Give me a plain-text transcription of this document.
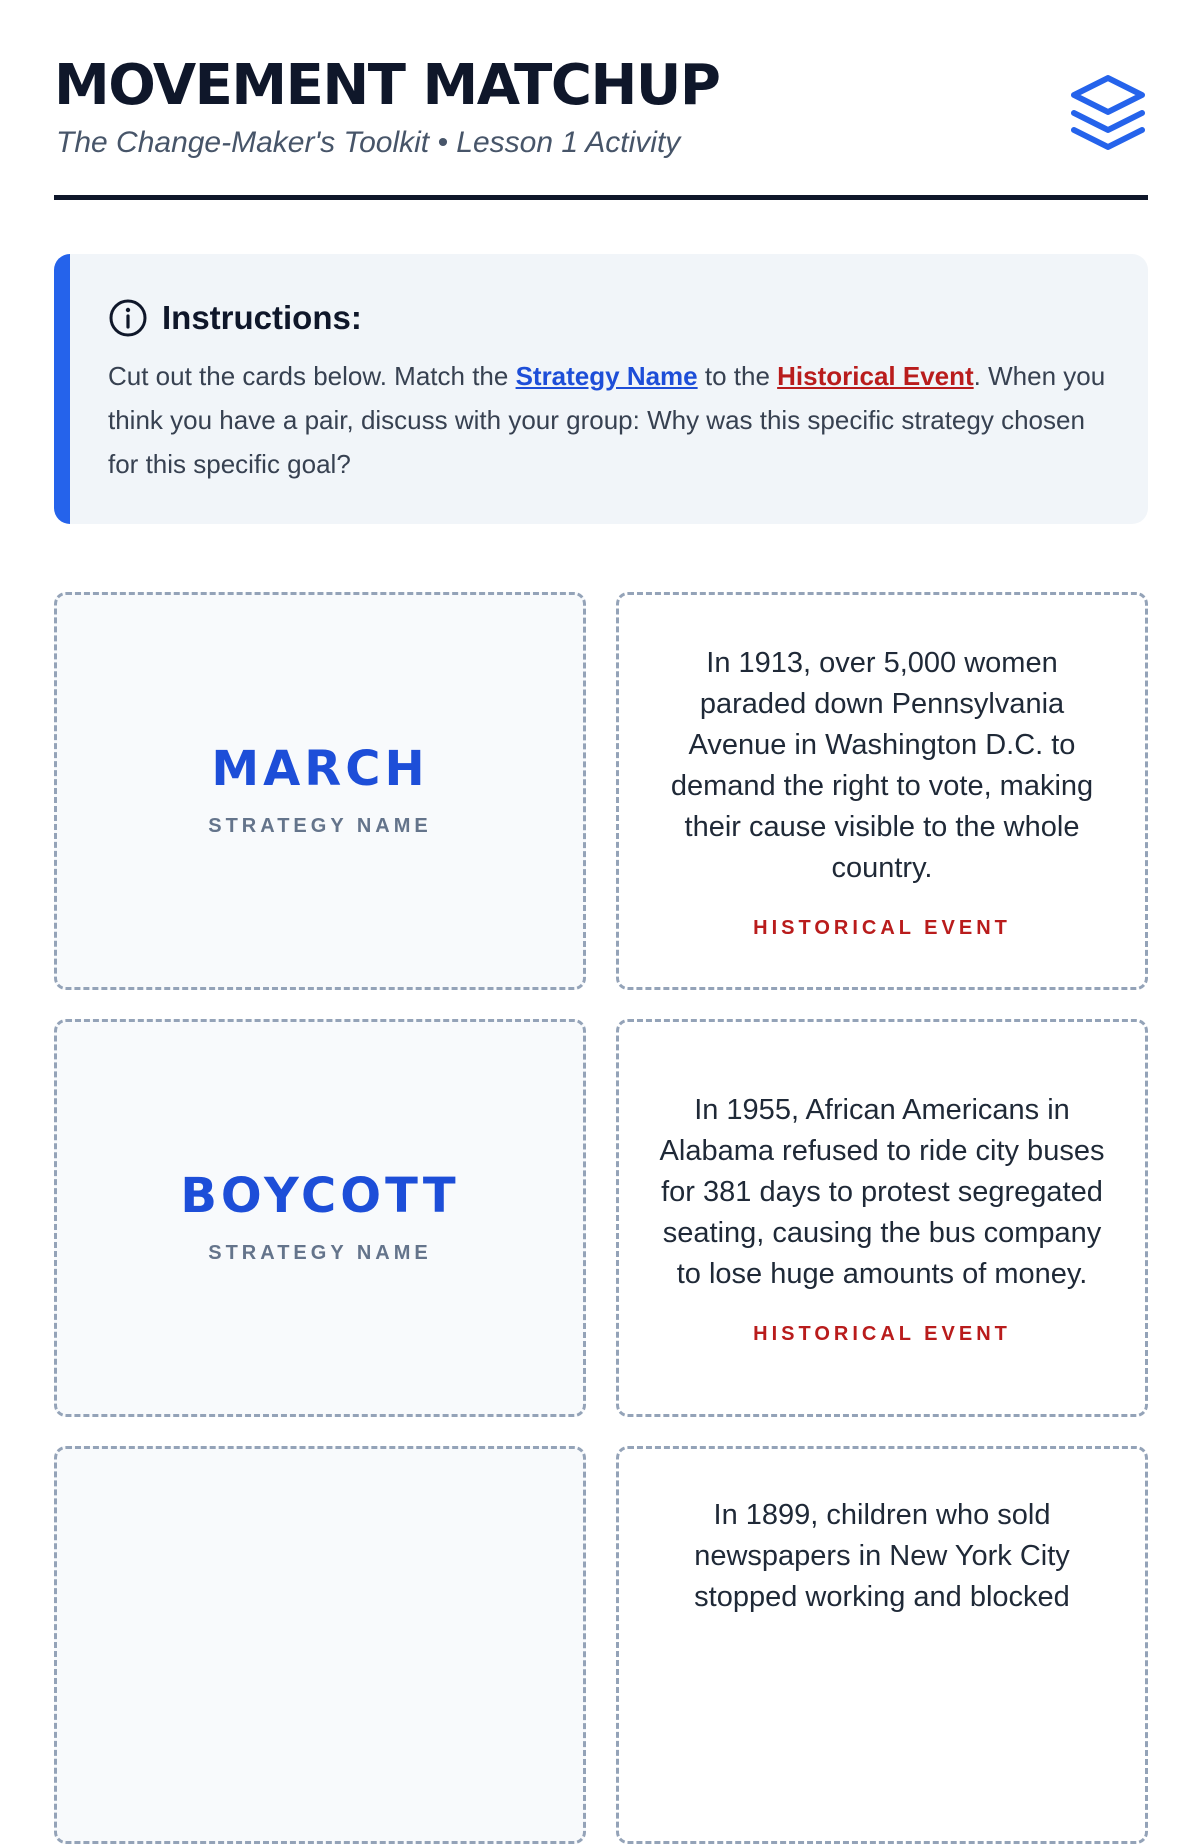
MOVEMENT MATCHUP

The Change-Maker's Toolkit • Lesson 1 Activity

Instructions:
Cut out the cards below. Match the Strategy Name to the Historical Event. When you think you have a pair, discuss with your group: Why was this specific strategy chosen for this specific goal?
MARCH
STRATEGY NAME
In 1913, over 5,000 women paraded down Pennsylvania Avenue in Washington D.C. to demand the right to vote, making their cause visible to the whole country.
HISTORICAL EVENT
BOYCOTT
STRATEGY NAME
In 1955, African Americans in Alabama refused to ride city buses for 381 days to protest segregated seating, causing the bus company to lose huge amounts of money.
HISTORICAL EVENT
In 1899, children who sold newspapers in New York City stopped working and blocked
